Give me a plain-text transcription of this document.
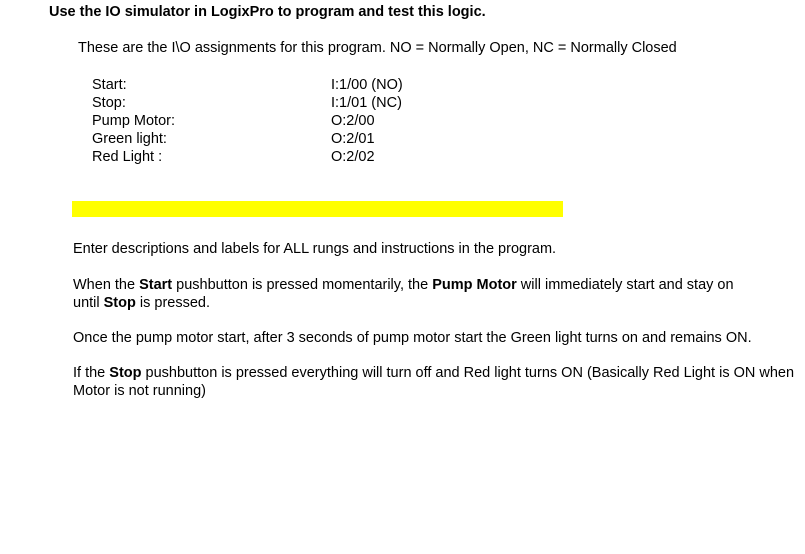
Use the IO simulator in LogixPro to program and test this logic.
These are the I\O assignments for this program. NO = Normally Open, NC = Normally Closed
Start:	I:1/00 (NO)
Stop:	I:1/01 (NC)
Pump Motor:	O:2/00
Green light:	O:2/01
Red Light :	O:2/02
Enter descriptions and labels for ALL rungs and instructions in the program.
When the Start pushbutton is pressed momentarily, the Pump Motor will immediately start and stay on
until Stop is pressed.
Once the pump motor start, after 3 seconds of pump motor start the Green light turns on and remains ON.
If the Stop pushbutton is pressed everything will turn off and Red light turns ON (Basically Red Light is ON when
Motor is not running)
